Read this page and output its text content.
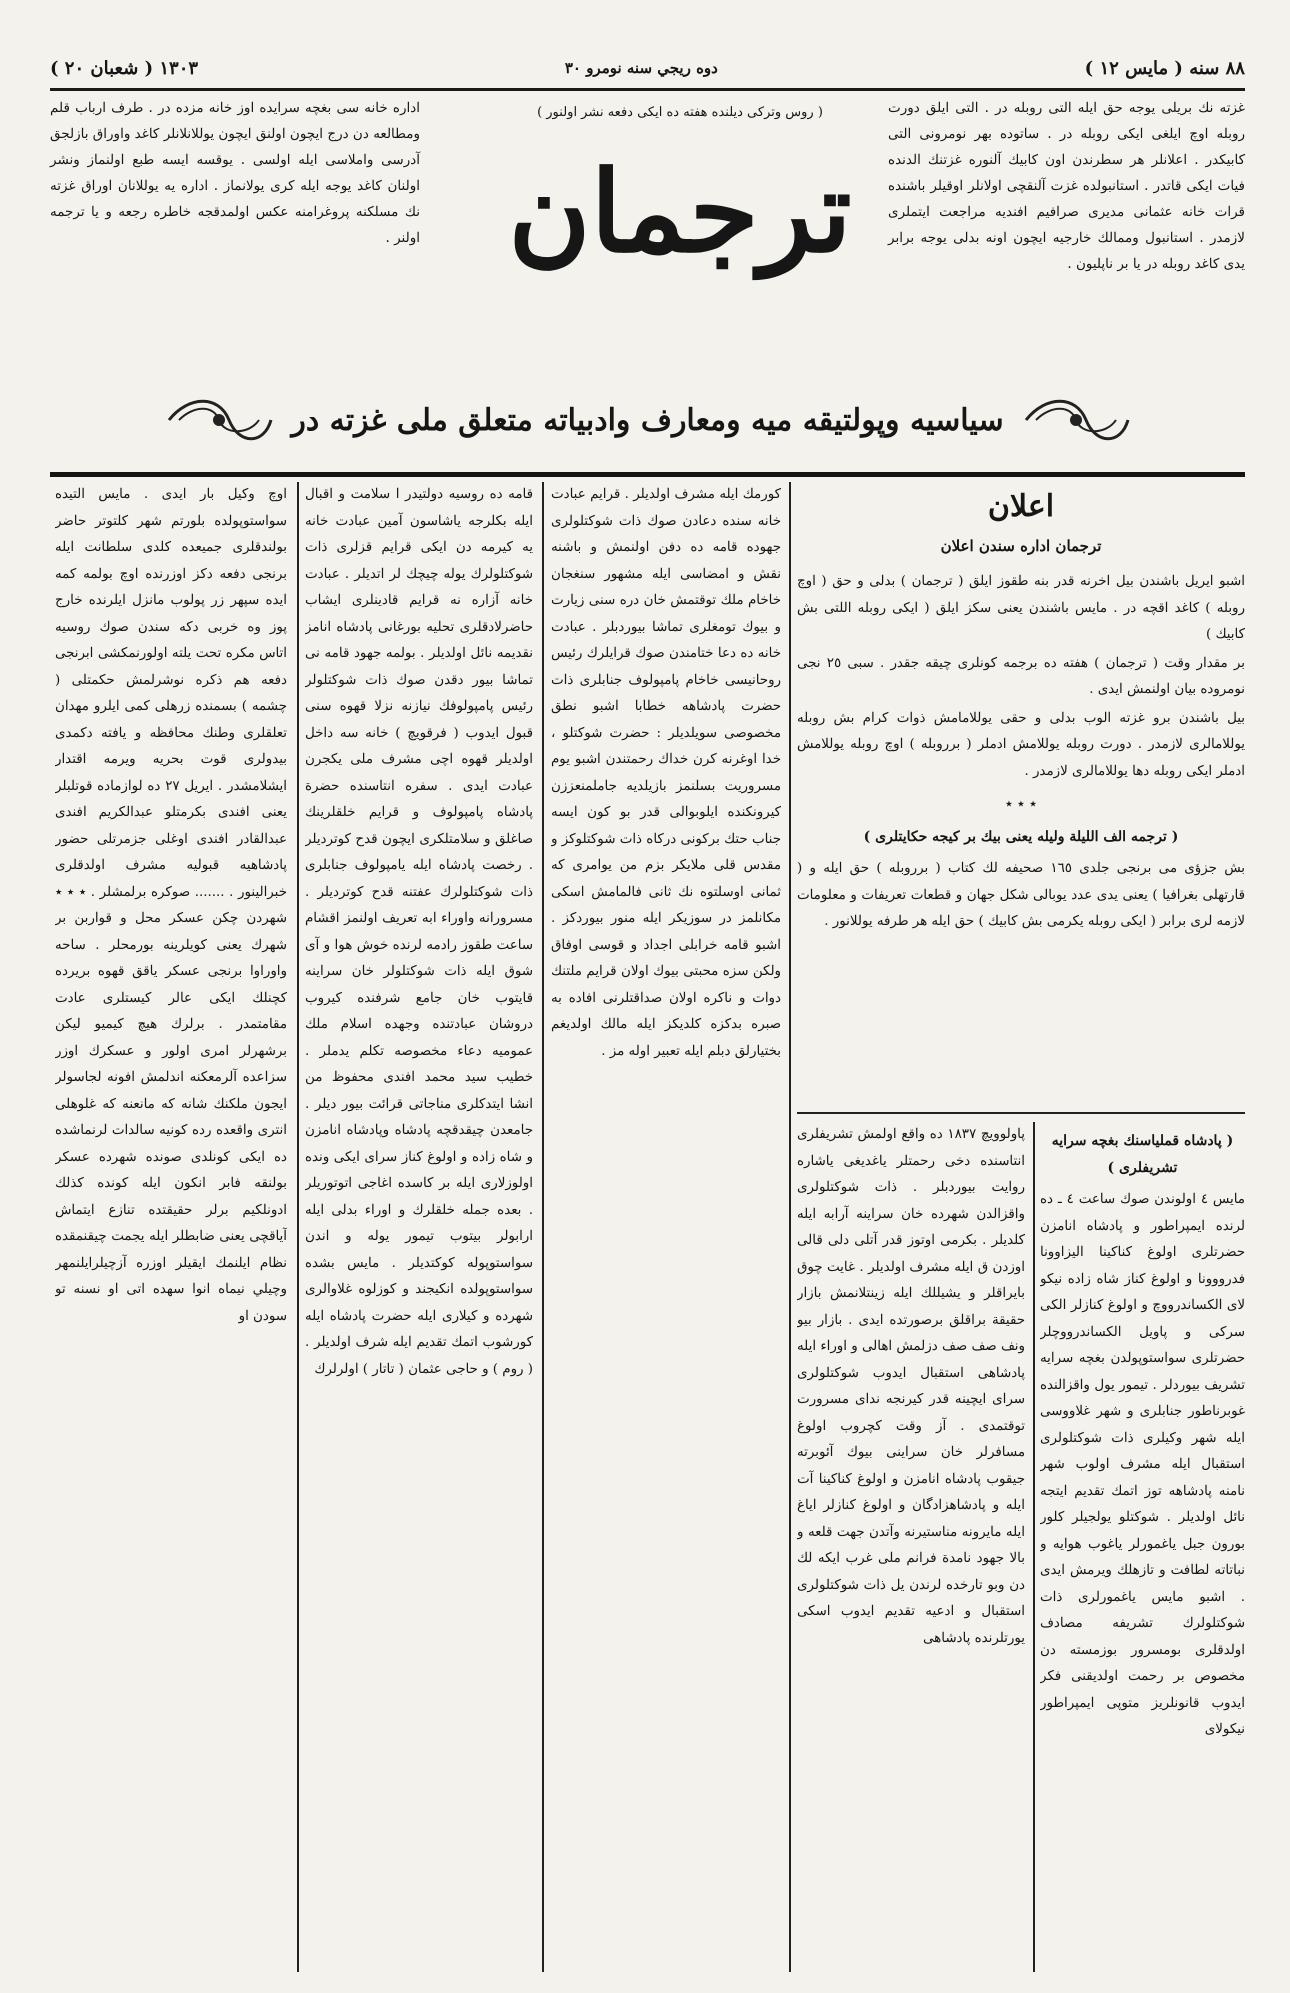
( شعبان ٢٠ ) ١٣٠٣	دوه ريجي سنه نومرو ٣٠	٨٨ سنه ( مايس ١٢ )

اداره خانه سى بغچه سرايده اوز خانه مزده در . طرف ارباب قلم ومطالعه دن درج ايچون اولنق ايچون يوللانلانلر كاغد واوراق بازلجق آدرسى واملاسى ايله اولسى . يوقسه ايسه طبع اولنماز ونشر اولنان كاغد يوجه ايله كرى يولانماز . اداره يه يوللانان اوراق غزته نك مسلكنه پروغرامنه عكس اولمدقجه خاطره رجعه و يا ترجمه اولنر .

( روس وتركى ديلنده هفته ده ايكى دفعه نشر اولنور )
ترجمان

غزته نك بريلى يوجه حق ايله التى روبله در . التى ايلق دورت روبله اوچ ايلغى ايكى روبله در . ساتوده بهر نومرونى التى كابيكدر . اعلانلر هر سطرندن اون كابيك آلنوره غزتنك الدنده فيات ايكى قاتدر . استانبولده غزت آلنقچى اولانلر اوقيلر باشنده قرات خانه عثمانى مديرى صرافيم افنديه مراجعت ايتملرى لازمدر . استانبول وممالك خارجيه ايچون اونه بدلى يوجه برابر يدى كاغد روبله در يا بر ناپليون .

سياسيه وپولتيقه ميه ومعارف وادبياته متعلق ملى غزته در
اعلان
ترجمان اداره سندن اعلان

اشبو ايريل باشندن بيل اخرنه قدر بنه طقوز ايلق ( ترجمان ) بدلى و حق ( اوچ روبله ) كاغد اقچه در . مايس باشندن يعنى سكز ايلق ( ايكى روبله اللتى بش كابيك )

بر مقدار وقت ( ترجمان ) هفته ده برجمه كونلرى چيقه جقدر . سبى ٢٥ نجى نومروده بيان اولنمش ايدى .

بيل باشندن برو غزته الوب بدلى و حقى يوللامامش ذوات كرام بش روبله يوللامالرى لازمدر . دورت روبله يوللامش ادملر ( برروبله ) اوچ روبله يوللامش ادملر ايكى روبله دها يوللامالرى لازمدر .

٭ ٭ ٭
( ترجمه الف الليلة وليله يعنى بيك بر كيجه حكايتلرى )

بش جزؤى مى برنجى جلدى ١٦٥ صحيفه لك كتاب ( برروبله ) حق ايله و ( قارتهلى بغرافيا ) يعنى يدى عدد يوبالى شكل جهان و قطعات تعريفات و معلومات لازمه لرى برابر ( ايكى روبله يكرمى بش كابيك ) حق ايله هر طرفه يوللانور .

( پادشاه قملياسنك بغچه سرايه تشريفلرى )

مايس ٤ اولوندن صوك ساعت ٤ ـ ده لرنده ايمپراطور و پادشاه انامزن حضرتلرى اولوغ كناكينا اليزاوونا فدرووونا و اولوغ كناز شاه زاده نيكو لاى الكساندرووچ و اولوغ كنازلر الكى سركى و پاويل الكساندرووچلر حضرتلرى سواستوپولدن بغچه سرايه تشريف بيوردلر . تيمور يول واقزالنده غوبرناطور جنابلرى و شهر غلاووسى ايله شهر وكيلرى ذات شوكتلولرى استقبال ايله مشرف اولوب شهر نامنه پادشاهه توز اتمك تقديم ايتجه نائل اولديلر . شوكتلو يولجيلر كلور بورون جبل ياغمورلر ياغوب هوايه و نباتاته لطافت و تازهلك ويرمش ايدى . اشبو مايس ياغمورلرى ذات شوكتلولرك تشريفه مصادف اولدقلرى بومسرور بوزمسته دن مخصوص بر رحمت اولديقنى فكر ايدوب قانونلريز متوپى ايمپراطور نيكولاى

پاولوويچ ١٨٣٧ ده واقع اولمش تشريفلرى انتاسنده دخى رحمتلر ياغديغى ياشاره روايت بيوردبلر . ذات شوكتلولرى واقزالدن شهرده خان سراينه آرابه ايله كلديلر . بكرمى اوتوز قدر آتلى دلى قالى اوزدن ق ايله مشرف اولديلر . غايت چوق بايراقلر و يشيللك ايله زينتلانمش بازار حقيقة براقلق برصورتده ايدى . بازار بيو ونف صف صف دزلمش اهالى و اوراء ايله پادشاهى استقبال ايدوب شوكتلولرى سراى ايچينه قدر كيرنجه نداى مسرورت توقتمدى . آز وقت كچروب اولوغ مسافرلر خان سراينى بيوك آئوبرته جيقوب پادشاه انامزن و اولوغ كناكينا آت ايله و پادشاهزادگان و اولوغ كنازلر اياغ ايله مايرونه مناستيرنه وآتدن جهت قلعه و بالا جهود نامدة فرانم ملى غرب ايكه لك دن وبو تارخده لرندن يل ذات شوكتلولرى استقبال و ادعيه تقديم ايدوب اسكى يورتلرنده پادشاهى

كورمك ايله مشرف اولديلر . قرايم عبادت خانه سنده دعادن صوك ذات شوكتلولرى جهوده قامه ده دفن اولنمش و باشنه نقش و امضاسى ايله مشهور سنغجان خاخام ملك توقتمش خان دره سنى زيارت و بيوك تومغلرى تماشا بيوردبلر . عبادت خانه ده دعا ختامندن صوك قرايلرك رئيس روحانيسى خاخام پامپولوف جنابلرى ذات حضرت پادشاهه خطابا اشبو نطق مخصوصى سويلديلر : حضرت شوكتلو ، خدا اوغرنه كرن خداك رحمتندن اشبو يوم مسروريت بسلنمز بازيلديه جاملمنعززن كيرونكنده ايلوبوالى قدر بو كون ايسه جناب حتك بركونى دركاه ذات شوكتلوكز و مقدس قلى ملايكر بزم من يوامرى كه ثمانى اوسلتوه نك ثانى فالمامش اسكى مكانلمز در سوزيكر ايله منور بيوردكز . اشبو قامه خرابلى اجداد و قوسى اوفاق ولكن سزه محبتى بيوك اولان قرايم ملتنك دوات و ناكره اولان صداقتلرنى افاده به صبره بدكزه كلديكز ايله مالك اولديغم بختيارلق دبلم ايله تعبير اوله مز .

قامه ده روسيه دولتيدر ا سلامت و اقبال ايله بكلرجه ياشاسون آمين عبادت خانه يه كيرمه دن ايكى قرايم قزلرى ذات شوكتلولرك يوله چيچك لر اتديلر . عبادت خانه آزاره نه قرايم قادينلرى ايشاب حاضرلادقلرى تحليه بورغانى پادشاه انامز نقديمه نائل اولديلر . بولمه جهود قامه نى تماشا بيور دقدن صوك ذات شوكتلولر رئيس پامپولوفك نيازنه نزلا قهوه سنى قبول ايدوب ( فرقويچ ) خانه سه داخل اولديلر قهوه اچى مشرف ملى يكجرن عبادت ايدى . سفره انتاسنده حضرة پادشاه پامپولوف و قرايم خلقلرينك صاغلق و سلامتلكرى ايچون قدح كوترديلر . رخصت پادشاه ايله يامپولوف جنابلرى ذات شوكتلولرك عفتنه قدح كوترديلر . مسرورانه واوراء ابه تعريف اولنمز اقشام ساعت طقوز رادمه لرنده خوش هوا و آى شوق ايله ذات شوكتلولر خان سراينه قايتوب خان جامع شرفنده كيروب دروشان عبادتنده وجهده اسلام ملك عموميه دعاء مخصوصه تكلم يدملر . خطيب سيد محمد افندى محفوظ من انشا ايتدكلرى مناجاتى قرائت بيور ديلر . جامعدن چيقدقچه پادشاه وپادشاه انامزن و شاه زاده و اولوغ كناز سراى ايكى ونده اولوزلارى ايله بر كاسده اغاجى اتوتوريلر . بعده جمله خلقلرك و اوراء بدلى ايله ارابولر بيتوب تيمور يوله و اندن سواستوپوله كوكتديلر . مايس بشده سواستوپولده انكيجند و كوزلوه غلاوالرى شهرده و كيلارى ايله حضرت پادشاه ايله كورشوب اتمك تقديم ايله شرف اولديلر . ( روم ) و حاجى عثمان ( تاتار ) اولرلرك

اوچ وكيل بار ايدى . مايس التيده سواستوپولده بلورتم شهر كلتوتر حاضر بولندقلرى جميعده كلدى سلطانت ايله برنجى دفعه دكز اوزرنده اوچ بولمه كمه ايده سپهر زر پولوب مانزل ايلرنده خارج پوز وه خربى دكه سندن صوك روسيه اتاس مكره تحت يلته اولورنمكشى ابرنجى دفعه هم ذكره نوشرلمش حكمتلى ( چشمه ) بسمنده زرهلى كمى ايلرو مهدان تعلقلرى وطنك محافظه و يافته دكمدى بيدولرى قوت بحريه ويرمه اقتدار ايشلامشدر . ايريل ٢٧ ده لوازماده قوتلبلر يعنى افندى بكرمتلو عبدالكريم افندى عبدالقادر افندى اوغلى جزمرتلى حضور پادشاهيه قبوليه مشرف اولدقلرى خبرالينور . ....... صوكره برلمشلر . ٭ ٭ ٭ شهردن چكن عسكر محل و قواربن بر شهرك يعنى كويلرينه بورمحلر . ساحه واوراوا برنجى عسكر ياقق قهوه بريرده كچنلك ايكى عالر كيستلرى عادت مقامتمدر . برلرك هيچ كيميو ليكن برشهرلر امرى اولور و عسكرك اوزر سزاعده آلرمعكنه اندلمش افونه لجاسولر ايجون ملكنك شانه كه مانعنه كه غلوهلى انترى واقعده رده كونيه سالدات لرنماشده ده ايكى كونلدى صونده شهرده عسكر بولنقه فابر انكون ايله كونده كذلك ادونلكيم برلر حقيقتده تنازع ايتماش آياقچى يعنى ضابطلر ايله يجمت چيقنمقده نظام ايلنمك ايقيلر اوزره آزچيلرايلنمهر وچيلي نيماه انوا سهده اتى او نسنه تو سودن او
